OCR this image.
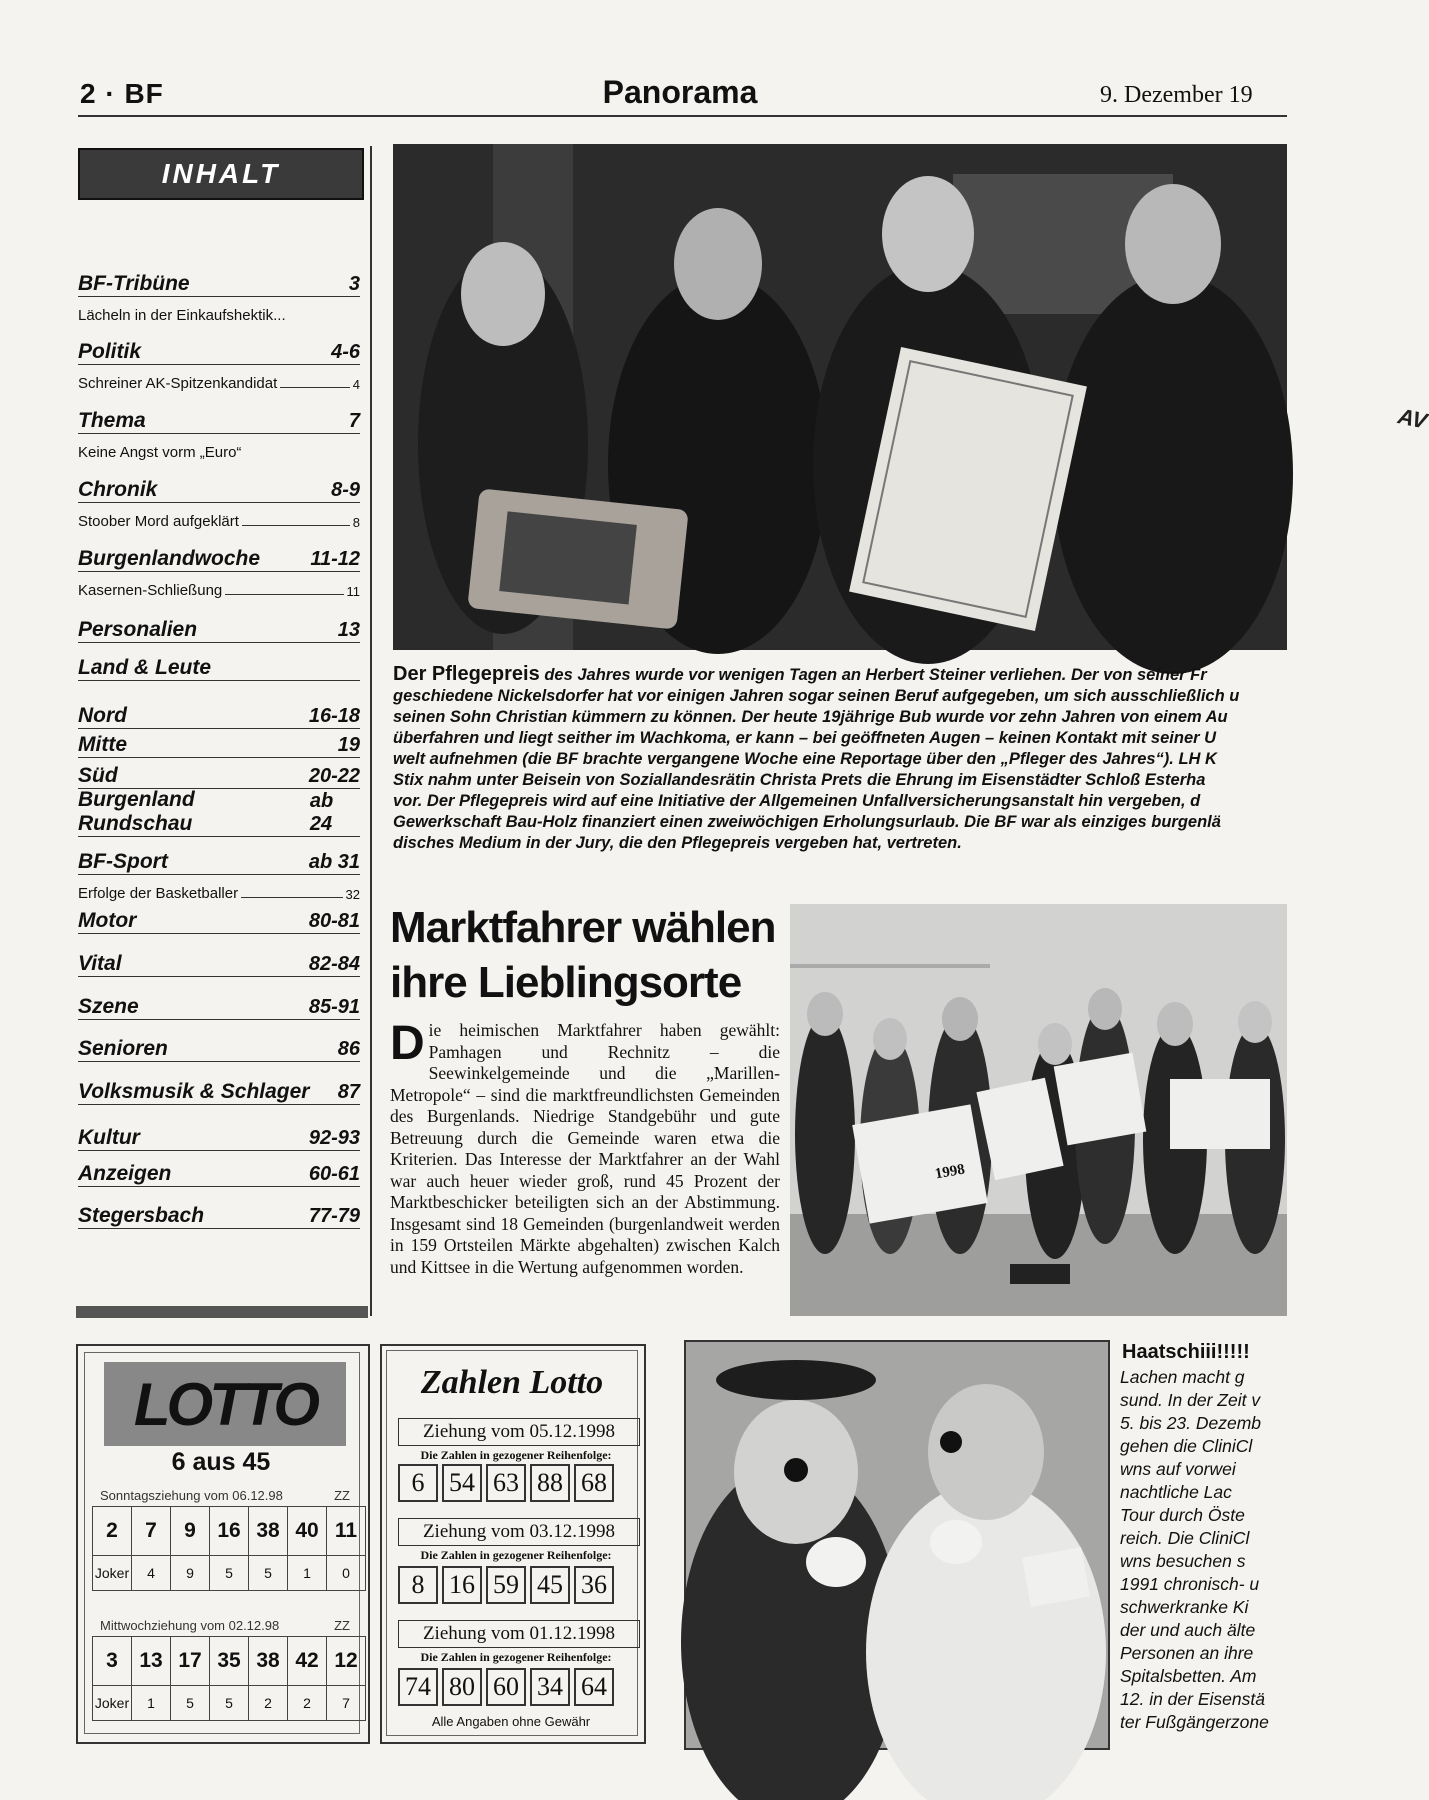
2 · BF	Panorama	9. Dezember 19
INHALT
BF-Tribüne	3
Lächeln in der Einkaufshektik...
Politik	4-6
Schreiner AK-Spitzenkandidat	4
Thema	7
Keine Angst vorm „Euro“
Chronik	8-9
Stoober Mord aufgeklärt	8
Burgenlandwoche	11-12
Kasernen-Schließung	11
Personalien	13
Land & Leute
Nord	16-18
Mitte	19
Süd	20-22
Burgenland Rundschau
ab 24
BF-Sport	ab 31
Erfolge der Basketballer	32
Motor	80-81
Vital	82-84
Szene	85-91
Senioren	86
Volksmusik & Schlager 87
Kultur	92-93
Anzeigen	60-61
Stegersbach	77-79
AV
Der Pflegepreis des Jahres wurde vor wenigen Tagen an Herbert Steiner verliehen. Der von seiner Fr
geschiedene Nickelsdorfer hat vor einigen Jahren sogar seinen Beruf aufgegeben, um sich ausschließlich u
seinen Sohn Christian kümmern zu können. Der heute 19jährige Bub wurde vor zehn Jahren von einem Au
überfahren und liegt seither im Wachkoma, er kann – bei geöffneten Augen – keinen Kontakt mit seiner U
welt aufnehmen (die BF brachte vergangene Woche eine Reportage über den „Pfleger des Jahres“). LH K
Stix nahm unter Beisein von Soziallandesrätin Christa Prets die Ehrung im Eisenstädter Schloß Esterha
vor. Der Pflegepreis wird auf eine Initiative der Allgemeinen Unfallversicherungsanstalt hin vergeben, d
Gewerkschaft Bau-Holz finanziert einen zweiwöchigen Erholungsurlaub. Die BF war als einziges burgenlä
disches Medium in der Jury, die den Pflegepreis vergeben hat, vertreten.
Marktfahrer wählen ihre Lieblingsorte
Die heimischen Marktfahrer haben gewählt: Pamhagen und Rechnitz – die Seewinkelgemeinde und die „Marillen-Metropole“ – sind die marktfreundlichsten Gemeinden des Burgenlands. Niedrige Standgebühr und gute Betreuung durch die Gemeinde waren etwa die Kriterien. Das Interesse der Marktfahrer an der Wahl war auch heuer wieder groß, rund 45 Prozent der Marktbeschicker beteiligten sich an der Abstimmung. Insgesamt sind 18 Gemeinden (burgenlandweit werden in 159 Ortsteilen Märkte abgehalten) zwischen Kalch und Kittsee in die Wertung aufgenommen worden.
1998
LOTTO
6 aus 45
Sonntagsziehung vom 06.12.98	ZZ
2	7	9	16	38	40	11
Joker	4	9	5	5	1	0
Mittwochziehung vom 02.12.98	ZZ
3	13	17	35	38	42	12
Joker	1	5	5	2	2	7
Zahlen Lotto
Ziehung vom 05.12.1998
Die Zahlen in gezogener Reihenfolge:
6 54 63 88 68
Ziehung vom 03.12.1998
Die Zahlen in gezogener Reihenfolge:
8 16 59 45 36
Ziehung vom 01.12.1998
Die Zahlen in gezogener Reihenfolge:
74 80 60 34 64
Alle Angaben ohne Gewähr
Haatschiii!!!!!
Lachen macht g
sund. In der Zeit v
5. bis 23. Dezemb
gehen die CliniCl
wns auf vorwei
nachtliche Lac
Tour durch Öste
reich. Die CliniCl
wns besuchen s
1991 chronisch- u
schwerkranke Ki
der und auch älte
Personen an ihre
Spitalsbetten. Am
12. in der Eisenstä
ter Fußgängerzone
